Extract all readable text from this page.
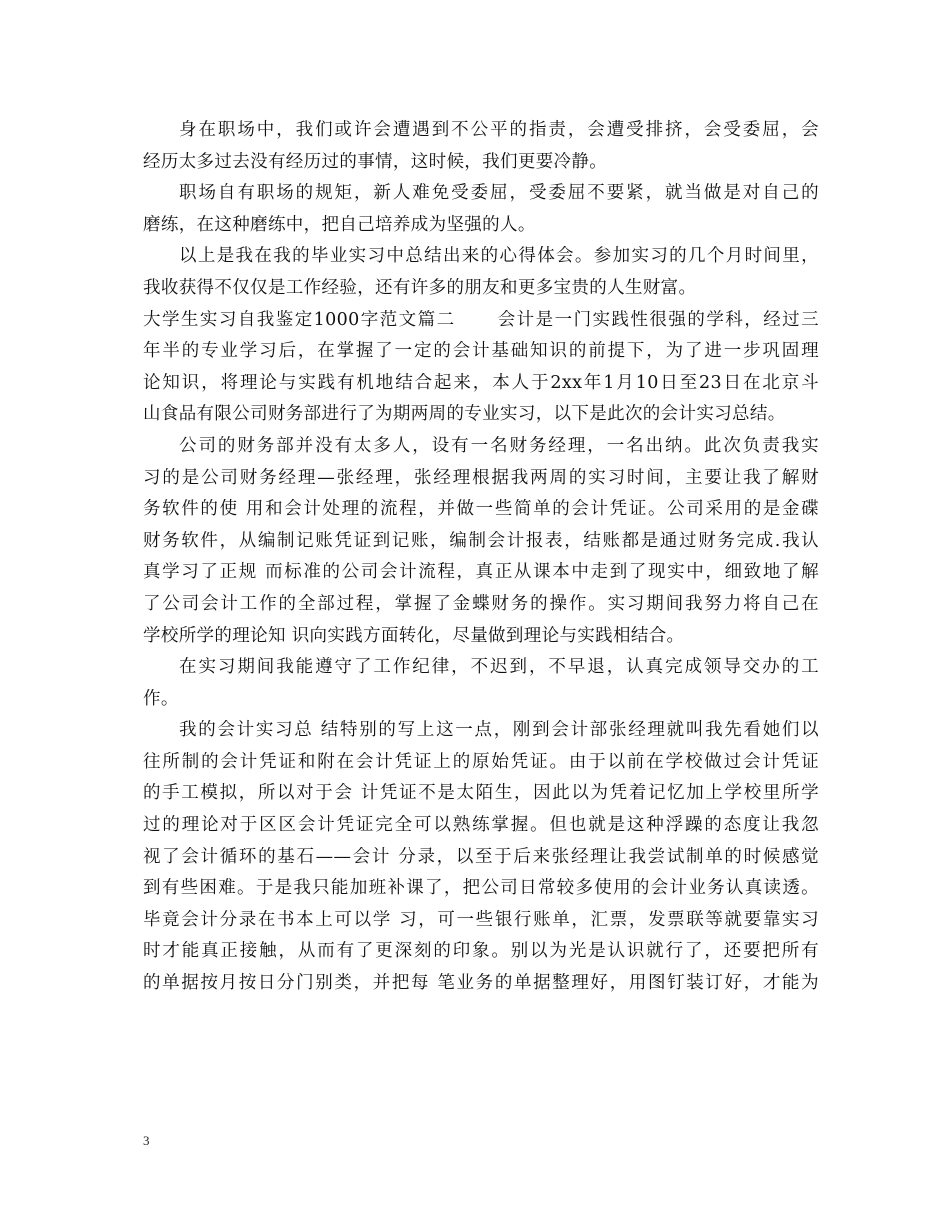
身在职场中，我们或许会遭遇到不公平的指责，会遭受排挤，会受委屈，会
经历太多过去没有经历过的事情，这时候，我们更要冷静。
职场自有职场的规矩，新人难免受委屈，受委屈不要紧，就当做是对自己的
磨练，在这种磨练中，把自己培养成为坚强的人。
以上是我在我的毕业实习中总结出来的心得体会。参加实习的几个月时间里，
我收获得不仅仅是工作经验，还有许多的朋友和更多宝贵的人生财富。
大学生实习自我鉴定1000字范文篇二      会计是一门实践性很强的学科，经过三
年半的专业学习后，在掌握了一定的会计基础知识的前提下，为了进一步巩固理
论知识，将理论与实践有机地结合起来，本人于2xx年1月10日至23日在北京斗
山食品有限公司财务部进行了为期两周的专业实习，以下是此次的会计实习总结。
公司的财务部并没有太多人，设有一名财务经理，一名出纳。此次负责我实
习的是公司财务经理—张经理，张经理根据我两周的实习时间，主要让我了解财
务软件的使 用和会计处理的流程，并做一些简单的会计凭证。公司采用的是金碟
财务软件，从编制记账凭证到记账，编制会计报表，结账都是通过财务完成.我认
真学习了正规 而标准的公司会计流程，真正从课本中走到了现实中，细致地了解
了公司会计工作的全部过程，掌握了金蝶财务的操作。实习期间我努力将自己在
学校所学的理论知 识向实践方面转化，尽量做到理论与实践相结合。
在实习期间我能遵守了工作纪律，不迟到，不早退，认真完成领导交办的工
作。
我的会计实习总 结特别的写上这一点，刚到会计部张经理就叫我先看她们以
往所制的会计凭证和附在会计凭证上的原始凭证。由于以前在学校做过会计凭证
的手工模拟，所以对于会 计凭证不是太陌生，因此以为凭着记忆加上学校里所学
过的理论对于区区会计凭证完全可以熟练掌握。但也就是这种浮躁的态度让我忽
视了会计循环的基石——会计 分录，以至于后来张经理让我尝试制单的时候感觉
到有些困难。于是我只能加班补课了，把公司日常较多使用的会计业务认真读透。
毕竟会计分录在书本上可以学 习，可一些银行账单，汇票，发票联等就要靠实习
时才能真正接触，从而有了更深刻的印象。别以为光是认识就行了，还要把所有
的单据按月按日分门别类，并把每 笔业务的单据整理好，用图钉装订好，才能为
3
